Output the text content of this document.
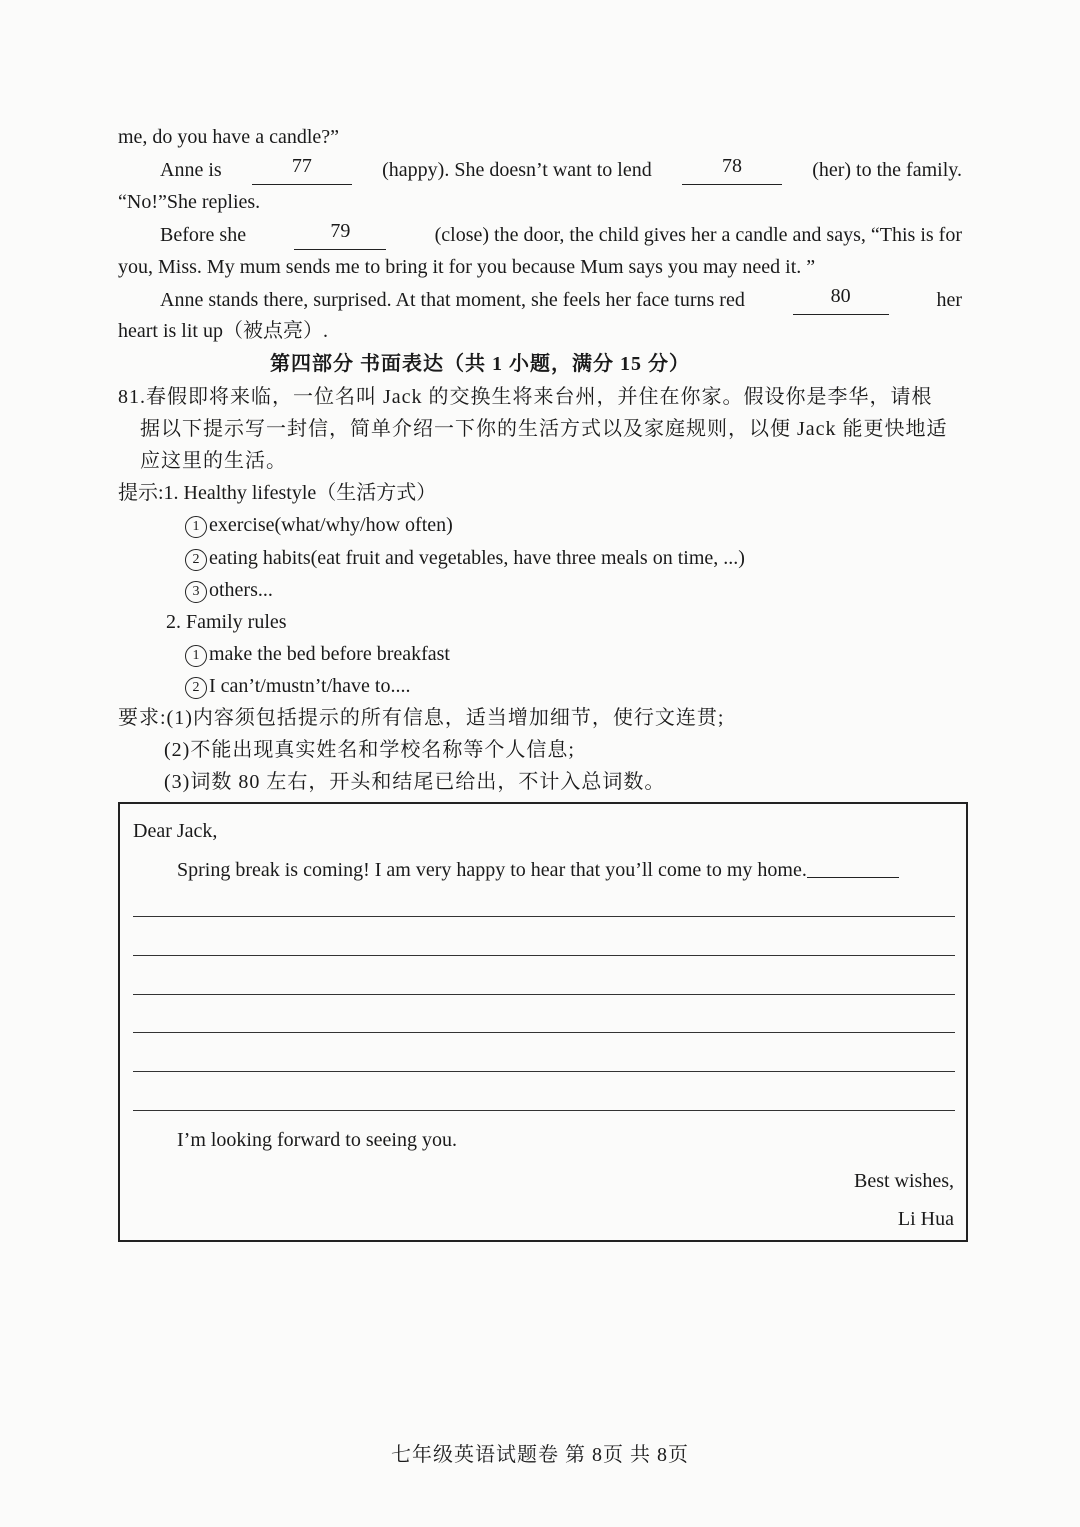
me, do you have a candle?”
Anne is	77	(happy). She doesn’t want to lend	78	(her) to the family.
“No!”She replies.
Before she	79	(close) the door, the child gives her a candle and says, “This is for
you, Miss. My mum sends me to bring it for you because Mum says you may need it. ”
Anne stands there, surprised. At that moment, she feels her face turns red	80	her
heart is lit up（被点亮）.
第四部分 书面表达（共 1 小题，满分 15 分）
81.春假即将来临，一位名叫 Jack 的交换生将来台州，并住在你家。假设你是李华，请根
据以下提示写一封信，简单介绍一下你的生活方式以及家庭规则，以便 Jack 能更快地适
应这里的生活。
提示:1. Healthy lifestyle（生活方式）
1 exercise(what/why/how often)
2 eating habits(eat fruit and vegetables, have three meals on time, ...)
3 others...
2. Family rules
1 make the bed before breakfast
2 I can’t/mustn’t/have to....
要求:(1)内容须包括提示的所有信息，适当增加细节，使行文连贯;
(2)不能出现真实姓名和学校名称等个人信息;
(3)词数 80 左右，开头和结尾已给出，不计入总词数。
Dear Jack,
Spring break is coming! I am very happy to hear that you’ll come to my home.
I’m looking forward to seeing you.
Best wishes,
Li Hua
七年级英语试题卷 第 8页 共 8页
